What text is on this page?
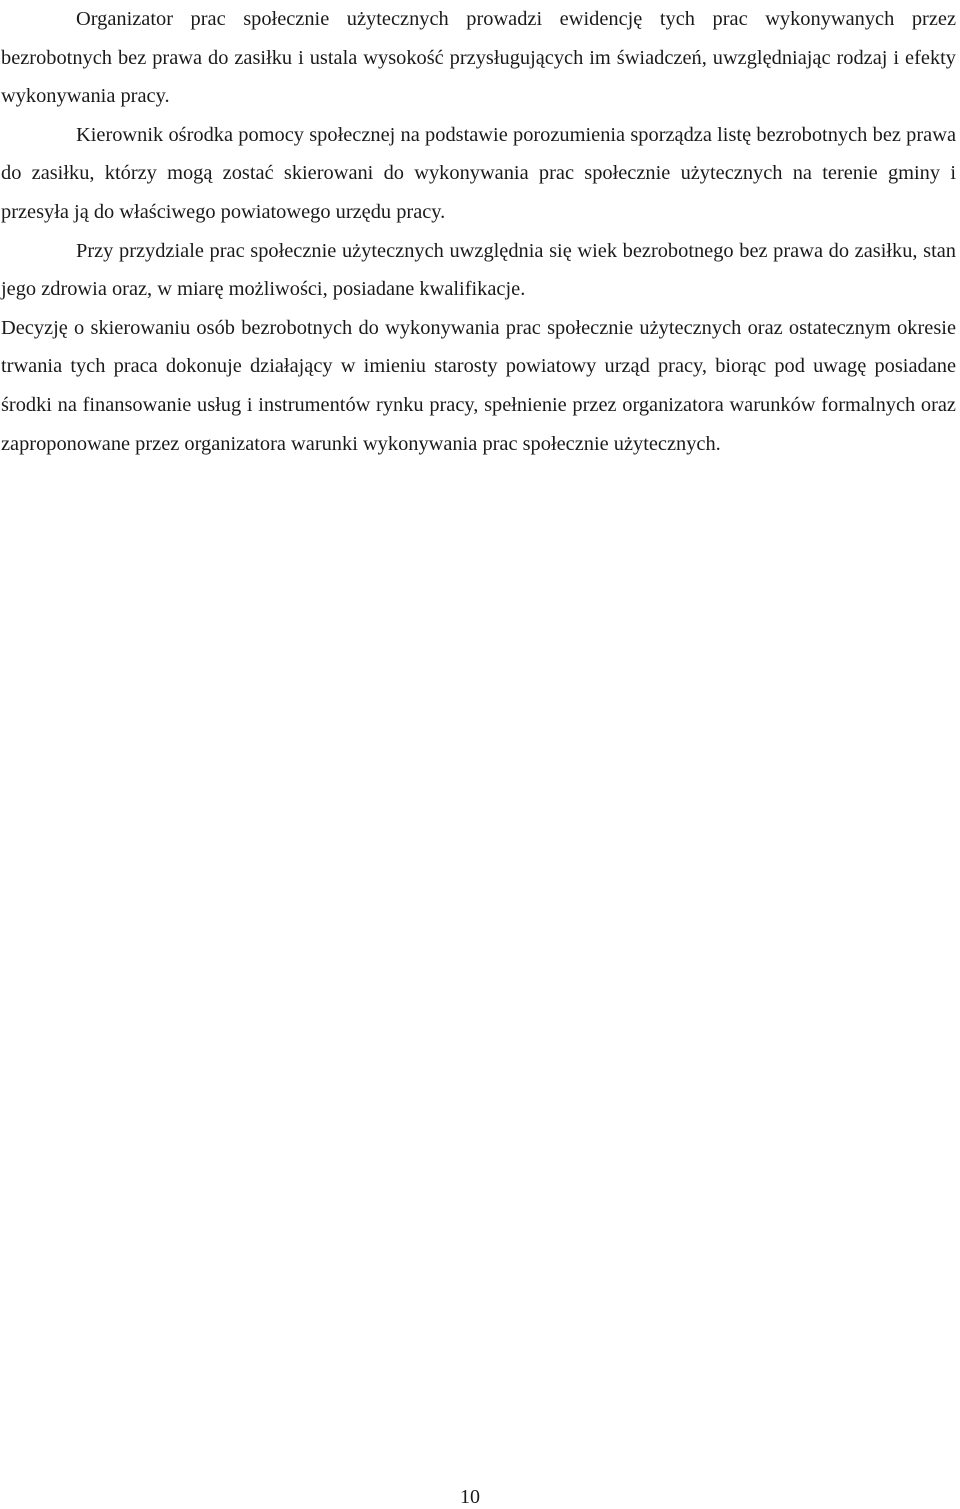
Organizator prac społecznie użytecznych prowadzi ewidencję tych prac wykonywanych przez bezrobotnych bez prawa do zasiłku i ustala wysokość przysługujących im świadczeń, uwzględniając rodzaj i efekty wykonywania pracy.

Kierownik ośrodka pomocy społecznej na podstawie porozumienia sporządza listę bezrobotnych bez prawa do zasiłku, którzy mogą zostać skierowani do wykonywania prac społecznie użytecznych na terenie gminy i przesyła ją do właściwego powiatowego urzędu pracy.

Przy przydziale prac społecznie użytecznych uwzględnia się wiek bezrobotnego bez prawa do zasiłku, stan jego zdrowia oraz, w miarę możliwości, posiadane kwalifikacje.

Decyzję o skierowaniu osób bezrobotnych do wykonywania prac społecznie użytecznych oraz ostatecznym okresie trwania tych praca dokonuje działający w imieniu starosty powiatowy urząd pracy, biorąc pod uwagę posiadane środki na finansowanie usług i instrumentów rynku pracy, spełnienie przez organizatora warunków formalnych oraz zaproponowane przez organizatora warunki wykonywania prac społecznie użytecznych.

10
